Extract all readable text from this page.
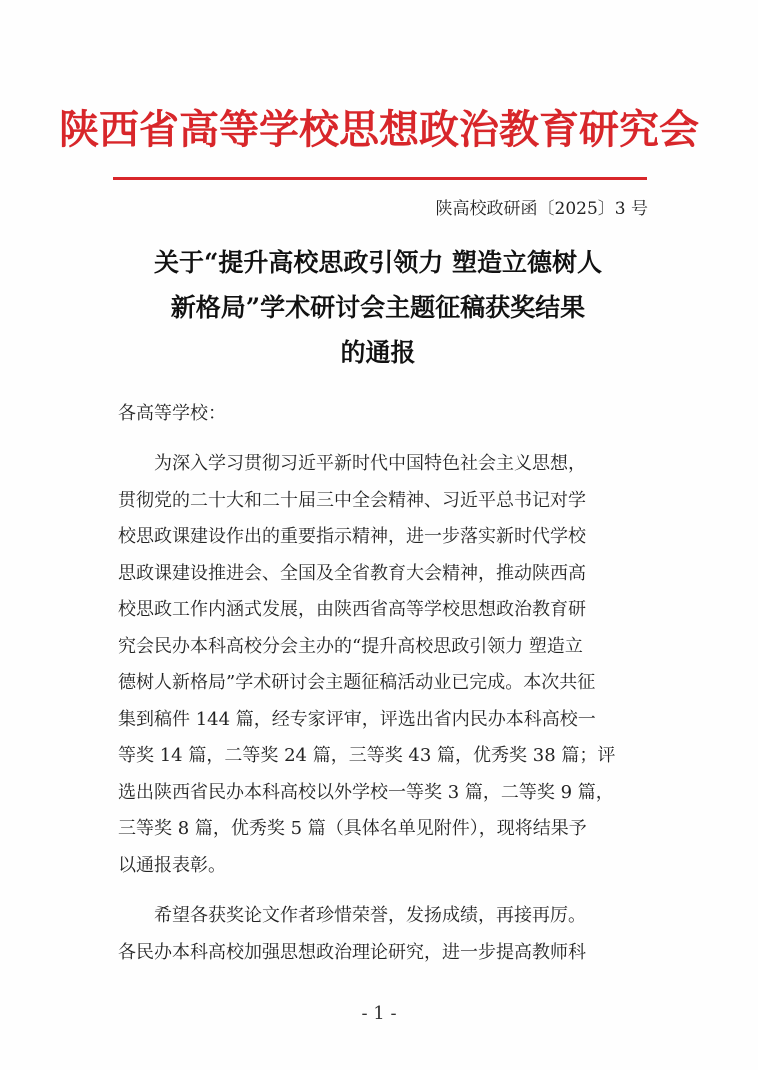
陕西省高等学校思想政治教育研究会
陕高校政研函〔2025〕3 号
关于“提升高校思政引领力 塑造立德树人
新格局”学术研讨会主题征稿获奖结果
的通报
各高等学校：
　　为深入学习贯彻习近平新时代中国特色社会主义思想，
贯彻党的二十大和二十届三中全会精神、习近平总书记对学
校思政课建设作出的重要指示精神，进一步落实新时代学校
思政课建设推进会、全国及全省教育大会精神，推动陕西高
校思政工作内涵式发展，由陕西省高等学校思想政治教育研
究会民办本科高校分会主办的“提升高校思政引领力 塑造立
德树人新格局”学术研讨会主题征稿活动业已完成。本次共征
集到稿件 144 篇，经专家评审，评选出省内民办本科高校一
等奖 14 篇，二等奖 24 篇，三等奖 43 篇，优秀奖 38 篇；评
选出陕西省民办本科高校以外学校一等奖 3 篇，二等奖 9 篇，
三等奖 8 篇，优秀奖 5 篇（具体名单见附件），现将结果予
以通报表彰。
　　希望各获奖论文作者珍惜荣誉，发扬成绩，再接再厉。
各民办本科高校加强思想政治理论研究，进一步提高教师科
- 1 -
